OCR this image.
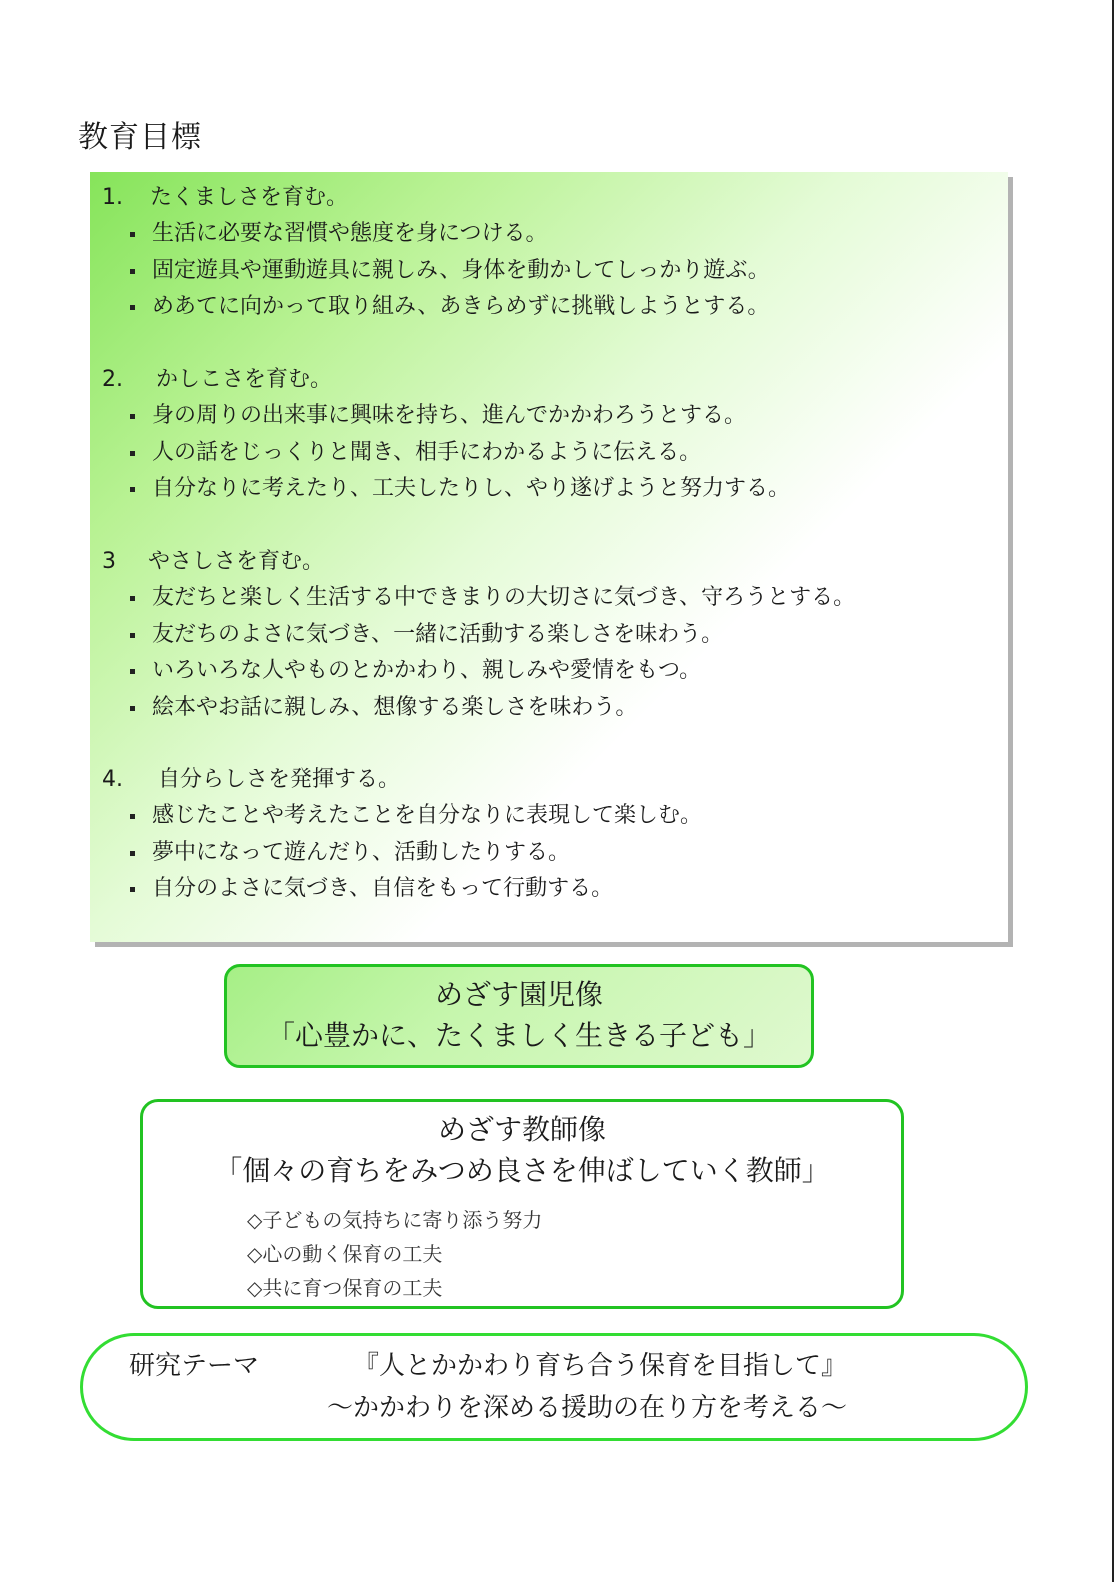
教育目標
1.	たくましさを育む。
生活に必要な習慣や態度を身につける。
固定遊具や運動遊具に親しみ、身体を動かしてしっかり遊ぶ。
めあてに向かって取り組み、あきらめずに挑戦しようとする。
2.	かしこさを育む。
身の周りの出来事に興味を持ち、進んでかかわろうとする。
人の話をじっくりと聞き、相手にわかるように伝える。
自分なりに考えたり、工夫したりし、やり遂げようと努力する。
3	やさしさを育む。
友だちと楽しく生活する中できまりの大切さに気づき、守ろうとする。
友だちのよさに気づき、一緒に活動する楽しさを味わう。
いろいろな人やものとかかわり、親しみや愛情をもつ。
絵本やお話に親しみ、想像する楽しさを味わう。
4.	自分らしさを発揮する。
感じたことや考えたことを自分なりに表現して楽しむ。
夢中になって遊んだり、活動したりする。
自分のよさに気づき、自信をもって行動する。
めざす園児像
「心豊かに、たくましく生きる子ども」
めざす教師像
「個々の育ちをみつめ良さを伸ばしていく教師」
◇子どもの気持ちに寄り添う努力
◇心の動く保育の工夫
◇共に育つ保育の工夫
研究テーマ	『人とかかわり育ち合う保育を目指して』
～かかわりを深める援助の在り方を考える～
